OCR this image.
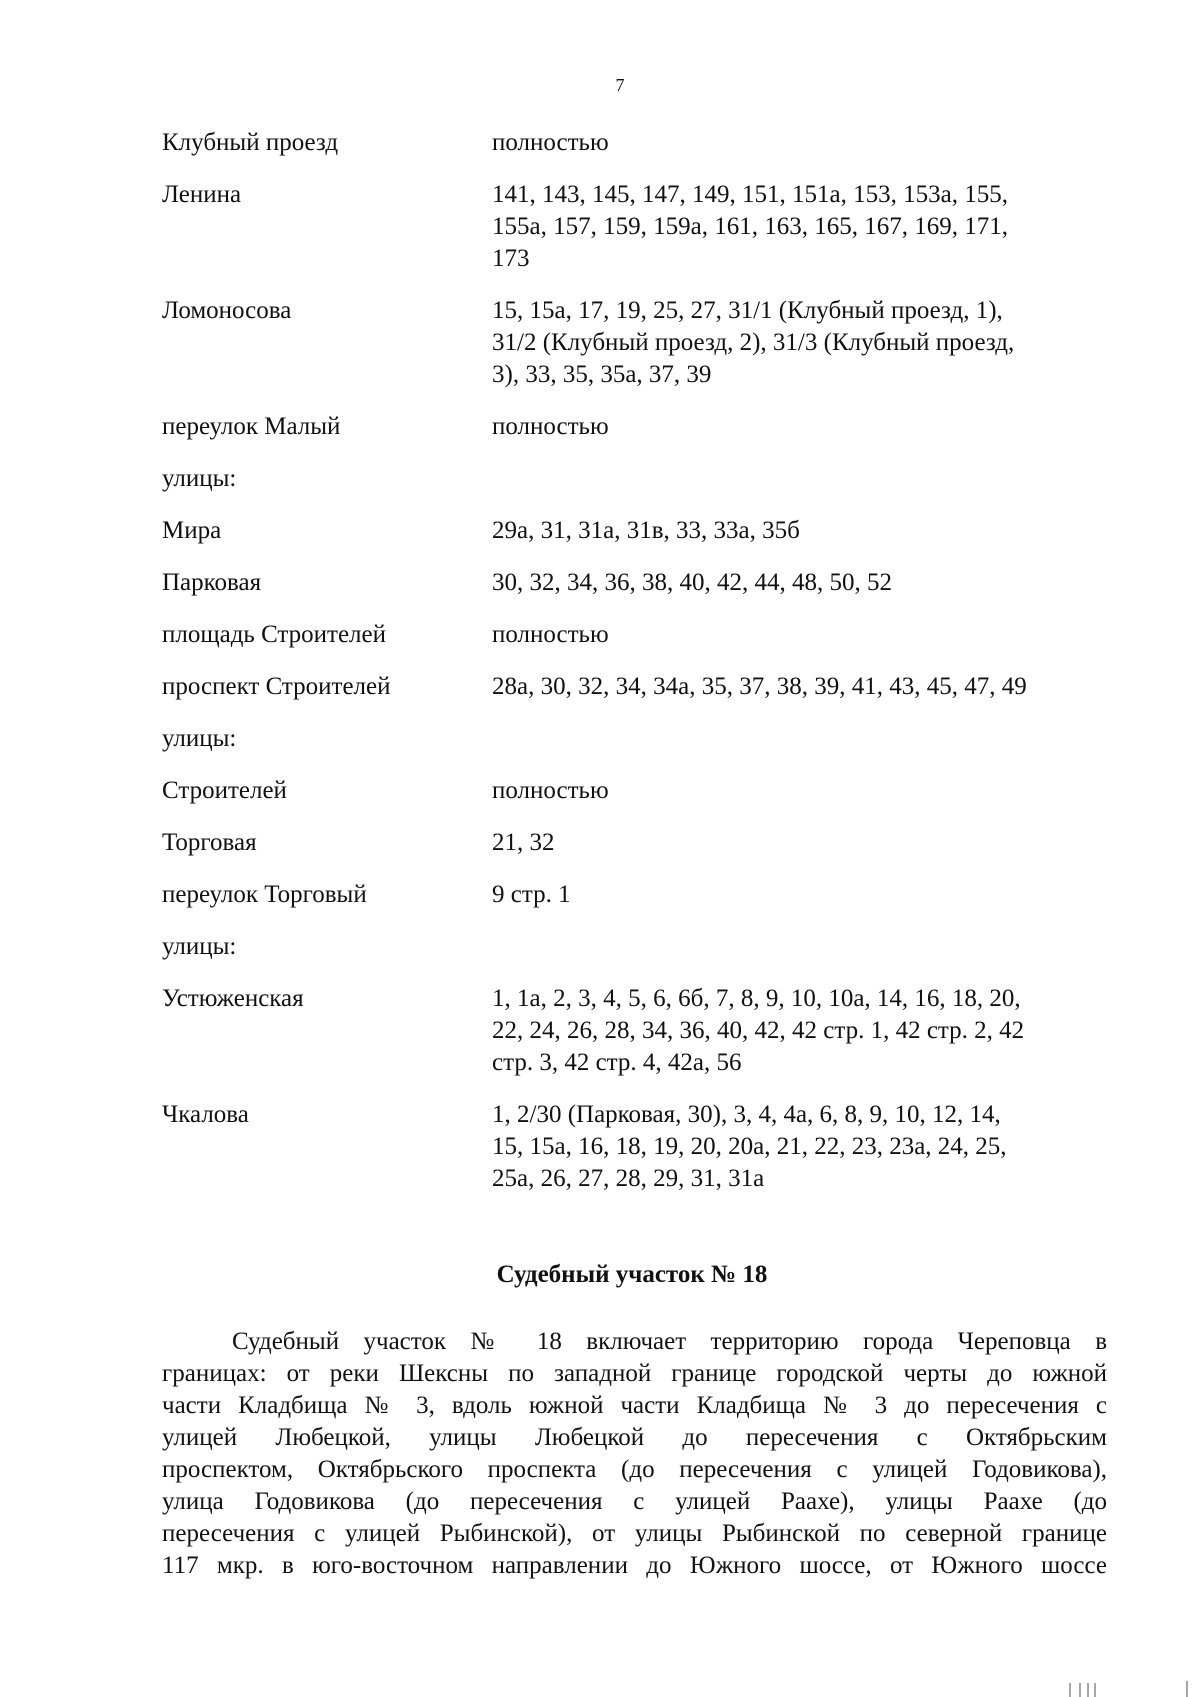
7
Клубный проезд	полностью
Ленина	141, 143, 145, 147, 149, 151, 151а, 153, 153а, 155,
155а, 157, 159, 159а, 161, 163, 165, 167, 169, 171,
173
Ломоносова	15, 15а, 17, 19, 25, 27, 31/1 (Клубный проезд, 1),
31/2 (Клубный проезд, 2), 31/3 (Клубный проезд,
3), 33, 35, 35а, 37, 39
переулок Малый	полностью
улицы:
Мира	29а, 31, 31а, 31в, 33, 33а, 35б
Парковая	30, 32, 34, 36, 38, 40, 42, 44, 48, 50, 52
площадь Строителей	полностью
проспект Строителей	28а, 30, 32, 34, 34а, 35, 37, 38, 39, 41, 43, 45, 47, 49
улицы:
Строителей	полностью
Торговая	21, 32
переулок Торговый	9 стр. 1
улицы:
Устюженская	1, 1а, 2, 3, 4, 5, 6, 6б, 7, 8, 9, 10, 10а, 14, 16, 18, 20,
22, 24, 26, 28, 34, 36, 40, 42, 42 стр. 1, 42 стр. 2, 42
стр. 3, 42 стр. 4, 42а, 56
Чкалова	1, 2/30 (Парковая, 30), 3, 4, 4а, 6, 8, 9, 10, 12, 14,
15, 15а, 16, 18, 19, 20, 20а, 21, 22, 23, 23а, 24, 25,
25а, 26, 27, 28, 29, 31, 31а
Судебный участок № 18
Судебный участок № 18 включает территорию города Череповца в
границах: от реки Шексны по западной границе городской черты до южной
части Кладбища № 3, вдоль южной части Кладбища № 3 до пересечения с
улицей Любецкой, улицы Любецкой до пересечения с Октябрьским
проспектом, Октябрьского проспекта (до пересечения с улицей Годовикова),
улица Годовикова (до пересечения с улицей Раахе), улицы Раахе (до
пересечения с улицей Рыбинской), от улицы Рыбинской по северной границе
117 мкр. в юго-восточном направлении до Южного шоссе, от Южного шоссе
